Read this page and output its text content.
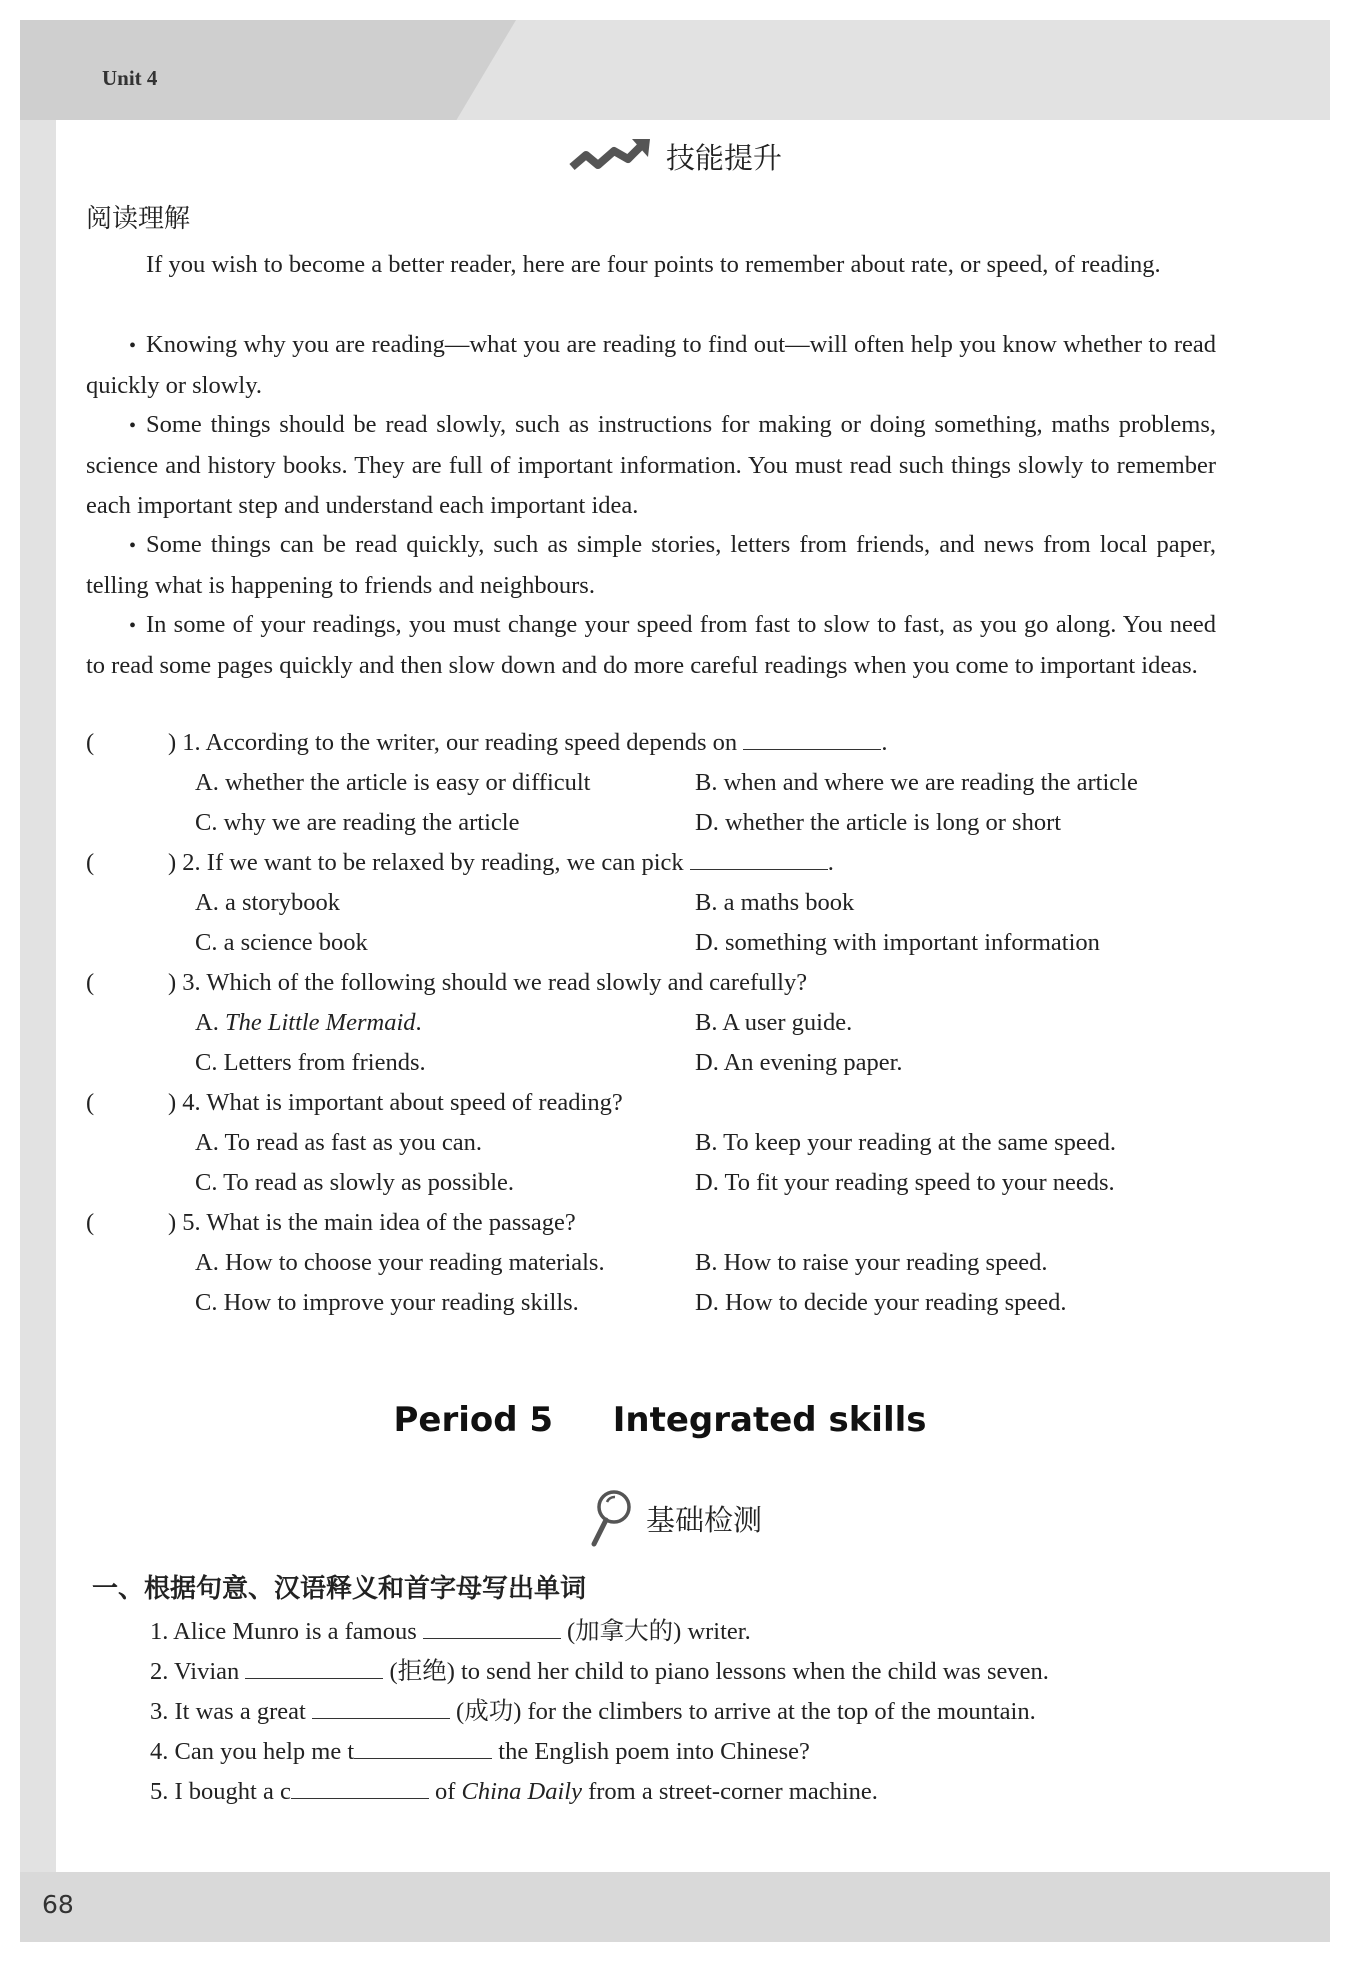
Unit 4
68
技能提升
阅读理解
If you wish to become a better reader, here are four points to remember about rate, or speed, of reading.
• Knowing why you are reading—what you are reading to find out—will often help you know whether to read quickly or slowly.
• Some things should be read slowly, such as instructions for making or doing something, maths problems, science and history books. They are full of important information. You must read such things slowly to remember each important step and understand each important idea.
• Some things can be read quickly, such as simple stories, letters from friends, and news from local paper, telling what is happening to friends and neighbours.
• In some of your readings, you must change your speed from fast to slow to fast, as you go along. You need to read some pages quickly and then slow down and do more careful readings when you come to important ideas.
(	) 1. According to the writer, our reading speed depends on	.
A. whether the article is easy or difficult	B. when and where we are reading the article
C. why we are reading the article	D. whether the article is long or short
(	) 2. If we want to be relaxed by reading, we can pick	.
A. a storybook	B. a maths book
C. a science book	D. something with important information
(	) 3. Which of the following should we read slowly and carefully?
A. The Little Mermaid.	B. A user guide.
C. Letters from friends.	D. An evening paper.
(	) 4. What is important about speed of reading?
A. To read as fast as you can.	B. To keep your reading at the same speed.
C. To read as slowly as possible.	D. To fit your reading speed to your needs.
(	) 5. What is the main idea of the passage?
A. How to choose your reading materials.	B. How to raise your reading speed.
C. How to improve your reading skills.	D. How to decide your reading speed.
Period 5 Integrated skills
基础检测
一、根据句意、汉语释义和首字母写出单词
1. Alice Munro is a famous	(加拿大的) writer.
2. Vivian	(拒绝) to send her child to piano lessons when the child was seven.
3. It was a great	(成功) for the climbers to arrive at the top of the mountain.
4. Can you help me t	the English poem into Chinese?
5. I bought a c	of China Daily from a street-corner machine.
